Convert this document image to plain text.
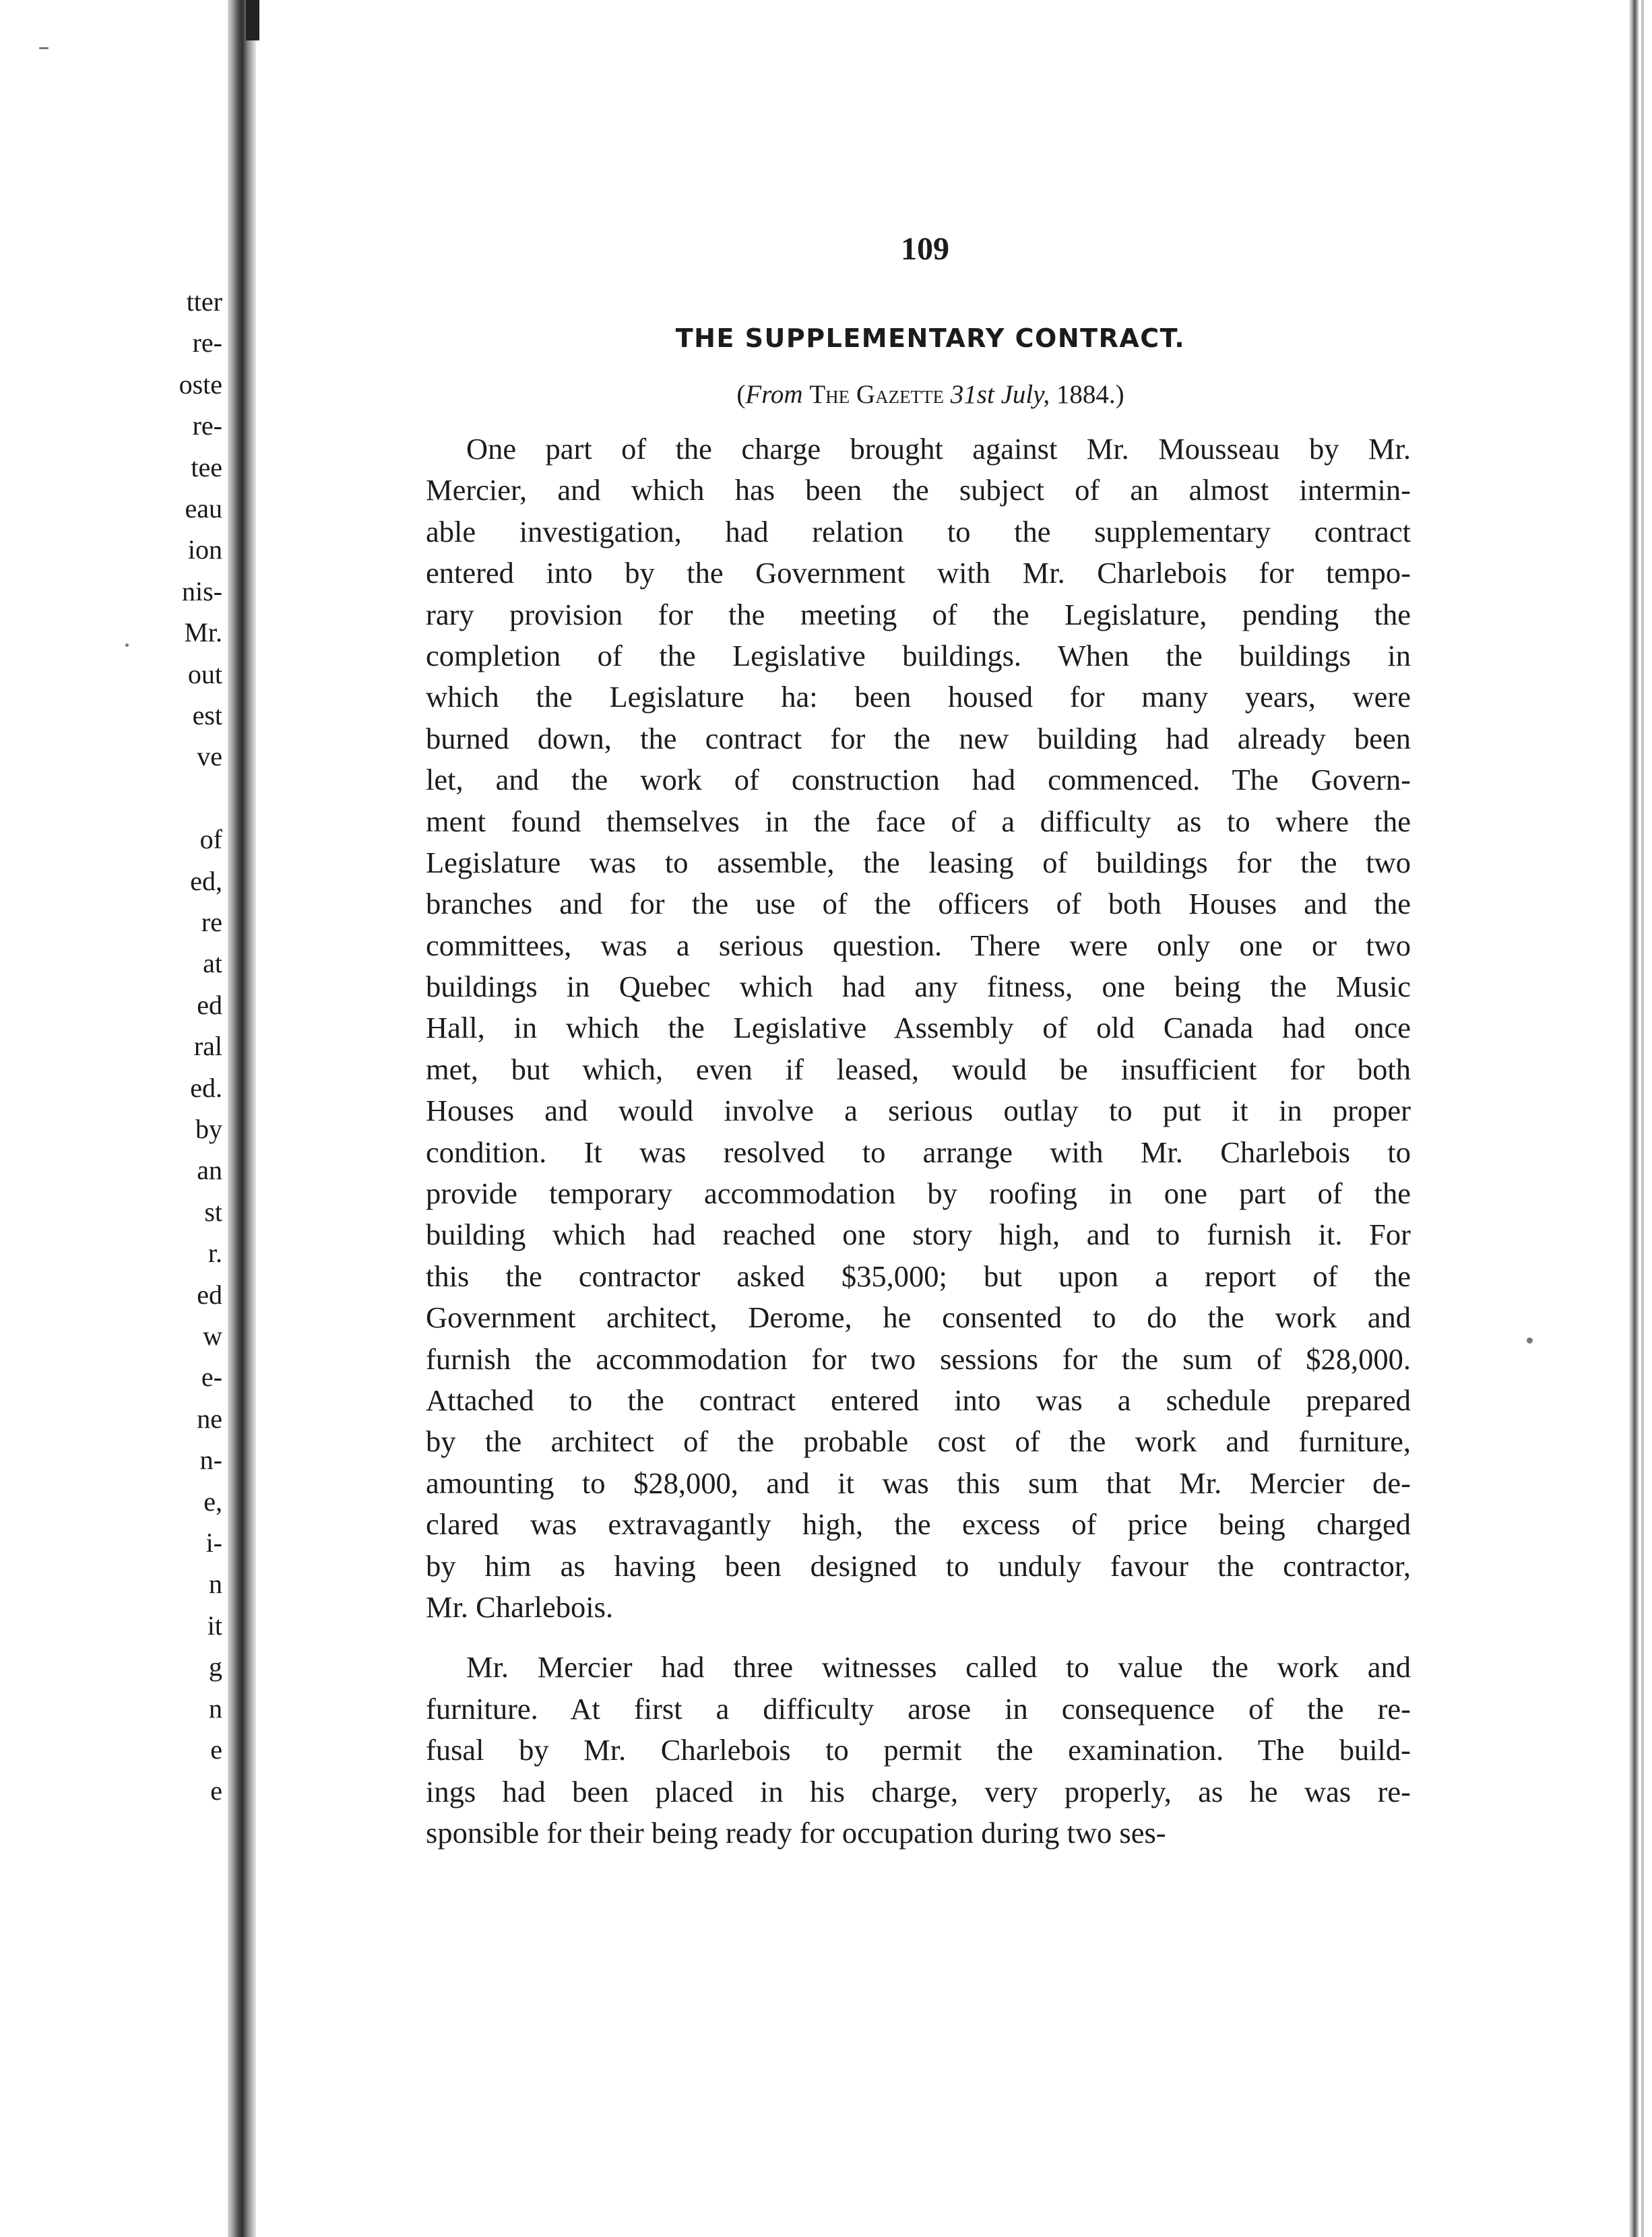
tter
re-
oste
re-
tee
eau
ion
nis-
Mr.
out
est
ve
of
ed,
re
at
ed
ral
ed.
by
an
st
r.
ed
w
e-
ne
n-
e,
i-
n
it
g
n
e
e
109
THE SUPPLEMENTARY CONTRACT.
(From The Gazette 31st July, 1884.)
One part of the charge brought against Mr. Mousseau by Mr.
Mercier, and which has been the subject of an almost intermin-
able investigation, had relation to the supplementary contract
entered into by the Government with Mr. Charlebois for tempo-
rary provision for the meeting of the Legislature, pending the
completion of the Legislative buildings. When the buildings in
which the Legislature ha: been housed for many years, were
burned down, the contract for the new building had already been
let, and the work of construction had commenced. The Govern-
ment found themselves in the face of a difficulty as to where the
Legislature was to assemble, the leasing of buildings for the two
branches and for the use of the officers of both Houses and the
committees, was a serious question. There were only one or two
buildings in Quebec which had any fitness, one being the Music
Hall, in which the Legislative Assembly of old Canada had once
met, but which, even if leased, would be insufficient for both
Houses and would involve a serious outlay to put it in proper
condition. It was resolved to arrange with Mr. Charlebois to
provide temporary accommodation by roofing in one part of the
building which had reached one story high, and to furnish it. For
this the contractor asked $35,000; but upon a report of the
Government architect, Derome, he consented to do the work and
furnish the accommodation for two sessions for the sum of $28,000.
Attached to the contract entered into was a schedule prepared
by the architect of the probable cost of the work and furniture,
amounting to $28,000, and it was this sum that Mr. Mercier de-
clared was extravagantly high, the excess of price being charged
by him as having been designed to unduly favour the contractor,
Mr. Charlebois.
Mr. Mercier had three witnesses called to value the work and
furniture. At first a difficulty arose in consequence of the re-
fusal by Mr. Charlebois to permit the examination. The build-
ings had been placed in his charge, very properly, as he was re-
sponsible for their being ready for occupation during two ses-
